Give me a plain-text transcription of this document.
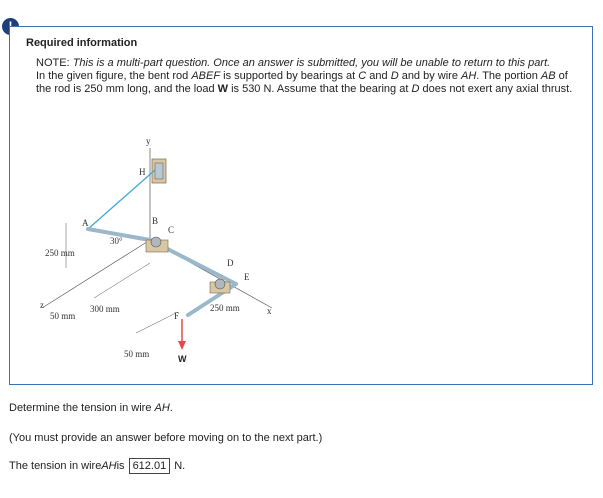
Required information
NOTE: This is a multi-part question. Once an answer is submitted, you will be unable to return to this part.
In the given figure, the bent rod ABEF is supported by bearings at C and D and by wire AH. The portion AB of the rod is 250 mm long, and the load W is 530 N. Assume that the bearing at D does not exert any axial thrust.
y
H
A	B
C
D
E
F	x
z
30°
250 mm
50 mm
300 mm	250 mm
50 mm	W
Determine the tension in wire AH.
(You must provide an answer before moving on to the next part.)
The tension in wire AH is 612.01 N.
